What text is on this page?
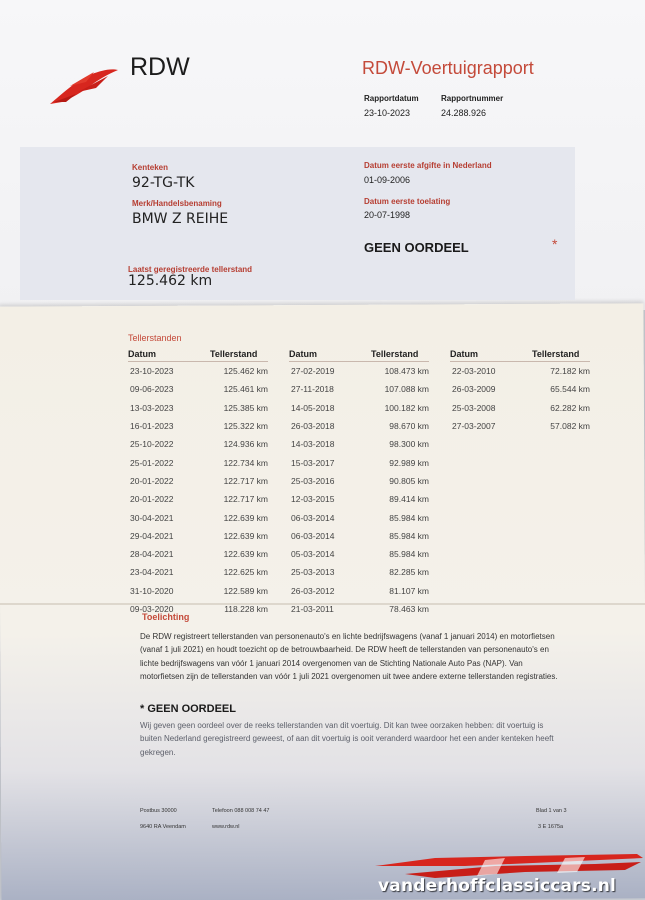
RDW	RDW-Voertuigrapport
Rapportdatum	Rapportnummer
23-10-2023	24.288.926
Kenteken
92-TG-TK
Merk/Handelsbenaming
BMW Z REIHE
Datum eerste afgifte in Nederland
01-09-2006
Datum eerste toelating
20-07-1998
GEEN OORDEEL	*
Laatst geregistreerde tellerstand
125.462 km
Tellerstanden
Datum	Tellerstand
23-10-2023	125.462 km
09-06-2023	125.461 km
13-03-2023	125.385 km
16-01-2023	125.322 km
25-10-2022	124.936 km
25-01-2022	122.734 km
20-01-2022	122.717 km
20-01-2022	122.717 km
30-04-2021	122.639 km
29-04-2021	122.639 km
28-04-2021	122.639 km
23-04-2021	122.625 km
31-10-2020	122.589 km
09-03-2020	118.228 km
Datum	Tellerstand
27-02-2019	108.473 km
27-11-2018	107.088 km
14-05-2018	100.182 km
26-03-2018	98.670 km
14-03-2018	98.300 km
15-03-2017	92.989 km
25-03-2016	90.805 km
12-03-2015	89.414 km
06-03-2014	85.984 km
06-03-2014	85.984 km
05-03-2014	85.984 km
25-03-2013	82.285 km
26-03-2012	81.107 km
21-03-2011	78.463 km
Datum	Tellerstand
22-03-2010	72.182 km
26-03-2009	65.544 km
25-03-2008	62.282 km
27-03-2007	57.082 km
Toelichting
De RDW registreert tellerstanden van personenauto's en lichte bedrijfswagens (vanaf 1 januari 2014) en motorfietsen (vanaf 1 juli 2021) en houdt toezicht op de betrouwbaarheid. De RDW heeft de tellerstanden van personenauto's en lichte bedrijfswagens van vóór 1 januari 2014 overgenomen van de Stichting Nationale Auto Pas (NAP). Van motorfietsen zijn de tellerstanden van vóór 1 juli 2021 overgenomen uit twee andere externe tellerstanden registraties.
* GEEN OORDEEL
Wij geven geen oordeel over de reeks tellerstanden van dit voertuig. Dit kan twee oorzaken hebben: dit voertuig is buiten Nederland geregistreerd geweest, of aan dit voertuig is ooit veranderd waardoor het een ander kenteken heeft gekregen.
Postbus 30000
9640 RA Veendam
Telefoon 088 008 74 47
www.rdw.nl
Blad 1 van 3
3 E 1675a
vanderhoffclassiccars.nl
